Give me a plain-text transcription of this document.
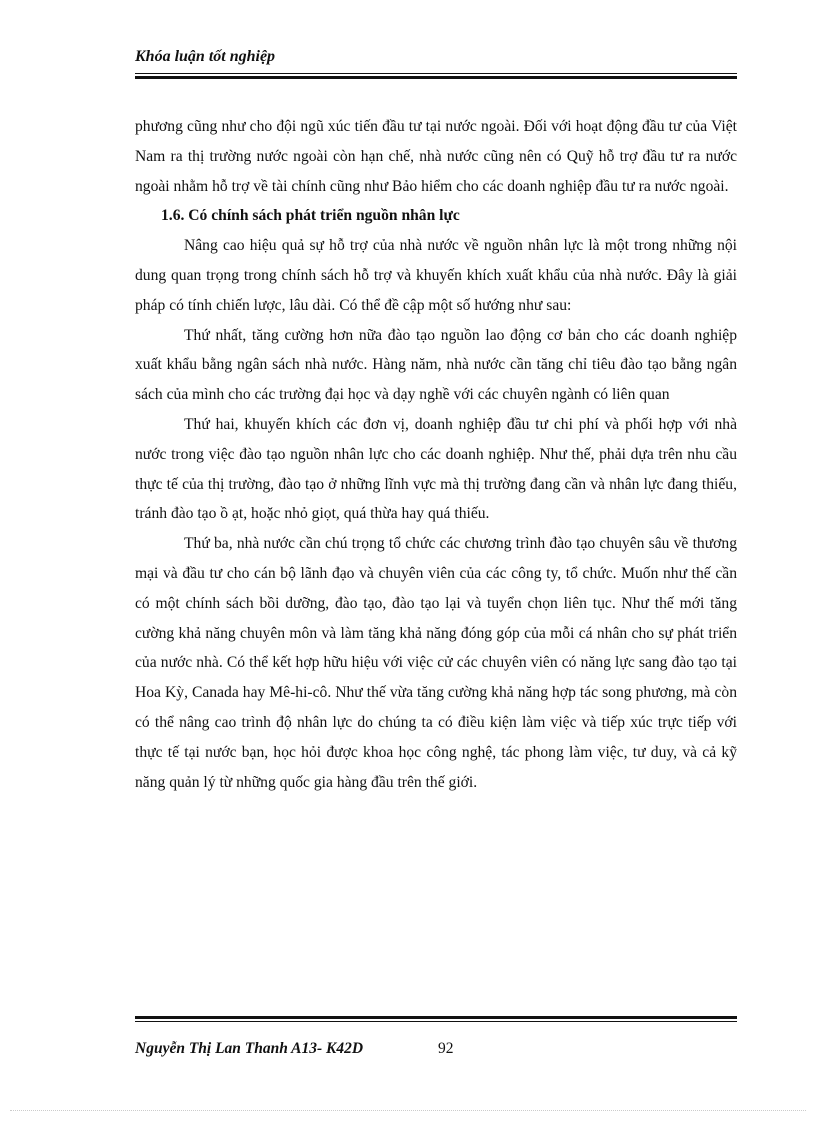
Khóa luận tốt nghiệp

phương cũng như cho đội ngũ xúc tiến đầu tư tại nước ngoài. Đối với hoạt động đầu tư của Việt Nam ra thị trường nước ngoài còn hạn chế, nhà nước cũng nên có Quỹ hỗ trợ đầu tư ra nước ngoài nhằm hỗ trợ về tài chính cũng như Bảo hiểm cho các doanh nghiệp đầu tư ra nước ngoài.

1.6. Có chính sách phát triển nguồn nhân lực

Nâng cao hiệu quả sự hỗ trợ của nhà nước về nguồn nhân lực là một trong những nội dung quan trọng trong chính sách hỗ trợ và khuyến khích xuất khẩu của nhà nước. Đây là giải pháp có tính chiến lược, lâu dài. Có thể đề cập một số hướng như sau:

Thứ nhất, tăng cường hơn nữa đào tạo nguồn lao động cơ bản cho các doanh nghiệp xuất khẩu bằng ngân sách nhà nước. Hàng năm, nhà nước cần tăng chỉ tiêu đào tạo bằng ngân sách của mình cho các trường đại học và dạy nghề với các chuyên ngành có liên quan

Thứ hai, khuyến khích các đơn vị, doanh nghiệp đầu tư chi phí và phối hợp với nhà nước trong việc đào tạo nguồn nhân lực cho các doanh nghiệp. Như thế, phải dựa trên nhu cầu thực tế của thị trường, đào tạo ở những lĩnh vực mà thị trường đang cần và nhân lực đang thiếu, tránh đào tạo ồ ạt, hoặc nhỏ giọt, quá thừa hay quá thiếu.

Thứ ba, nhà nước cần chú trọng tổ chức các chương trình đào tạo chuyên sâu về thương mại và đầu tư cho cán bộ lãnh đạo và chuyên viên của các công ty, tổ chức. Muốn như thế cần có một chính sách bồi dưỡng, đào tạo, đào tạo lại và tuyển chọn liên tục. Như thế mới tăng cường khả năng chuyên môn và làm tăng khả năng đóng góp của mỗi cá nhân cho sự phát triển của nước nhà. Có thể kết hợp hữu hiệu với việc cử các chuyên viên có năng lực sang đào tạo tại Hoa Kỳ, Canada hay Mê-hi-cô. Như thế vừa tăng cường khả năng hợp tác song phương, mà còn có thể nâng cao trình độ nhân lực do chúng ta có điều kiện làm việc và tiếp xúc trực tiếp với thực tế tại nước bạn, học hỏi được khoa học công nghệ, tác phong làm việc, tư duy, và cả kỹ năng quản lý từ những quốc gia hàng đầu trên thế giới.

Nguyễn Thị Lan Thanh A13- K42D	92
